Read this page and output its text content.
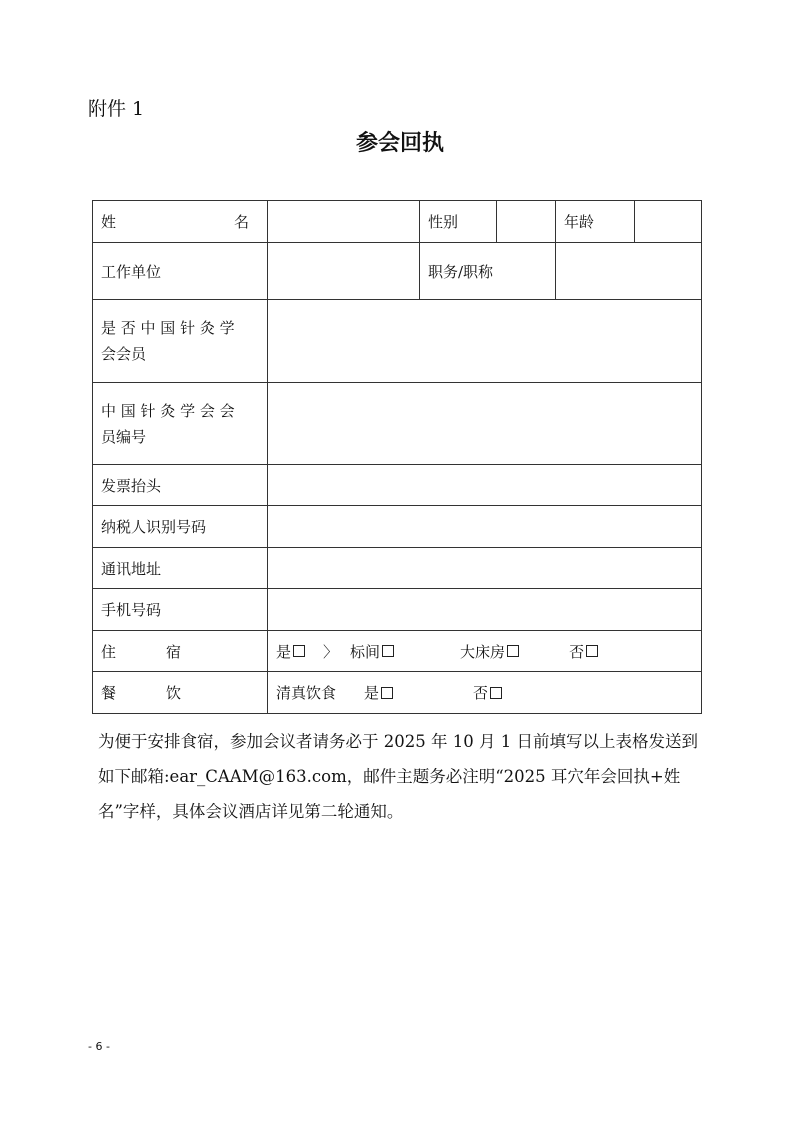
附件 1
参会回执
姓 名		性别		年龄	
工作单位		职务/职称			

是 否 中 国 针 灸 学
会会员					

中 国 针 灸 学 会 会
员编号					

发票抬头					
纳税人识别号码					
通讯地址					
手机号码					

住 宿	是 〉 标间 大床房 否				

餐 饮	清真饮食 是 否				
为便于安排食宿，参加会议者请务必于 2025 年 10 月 1 日前填写以上表格发送到如下邮箱:ear_CAAM@163.com，邮件主题务必注明“2025 耳穴年会回执+姓名”字样，具体会议酒店详见第二轮通知。
- 6 -
